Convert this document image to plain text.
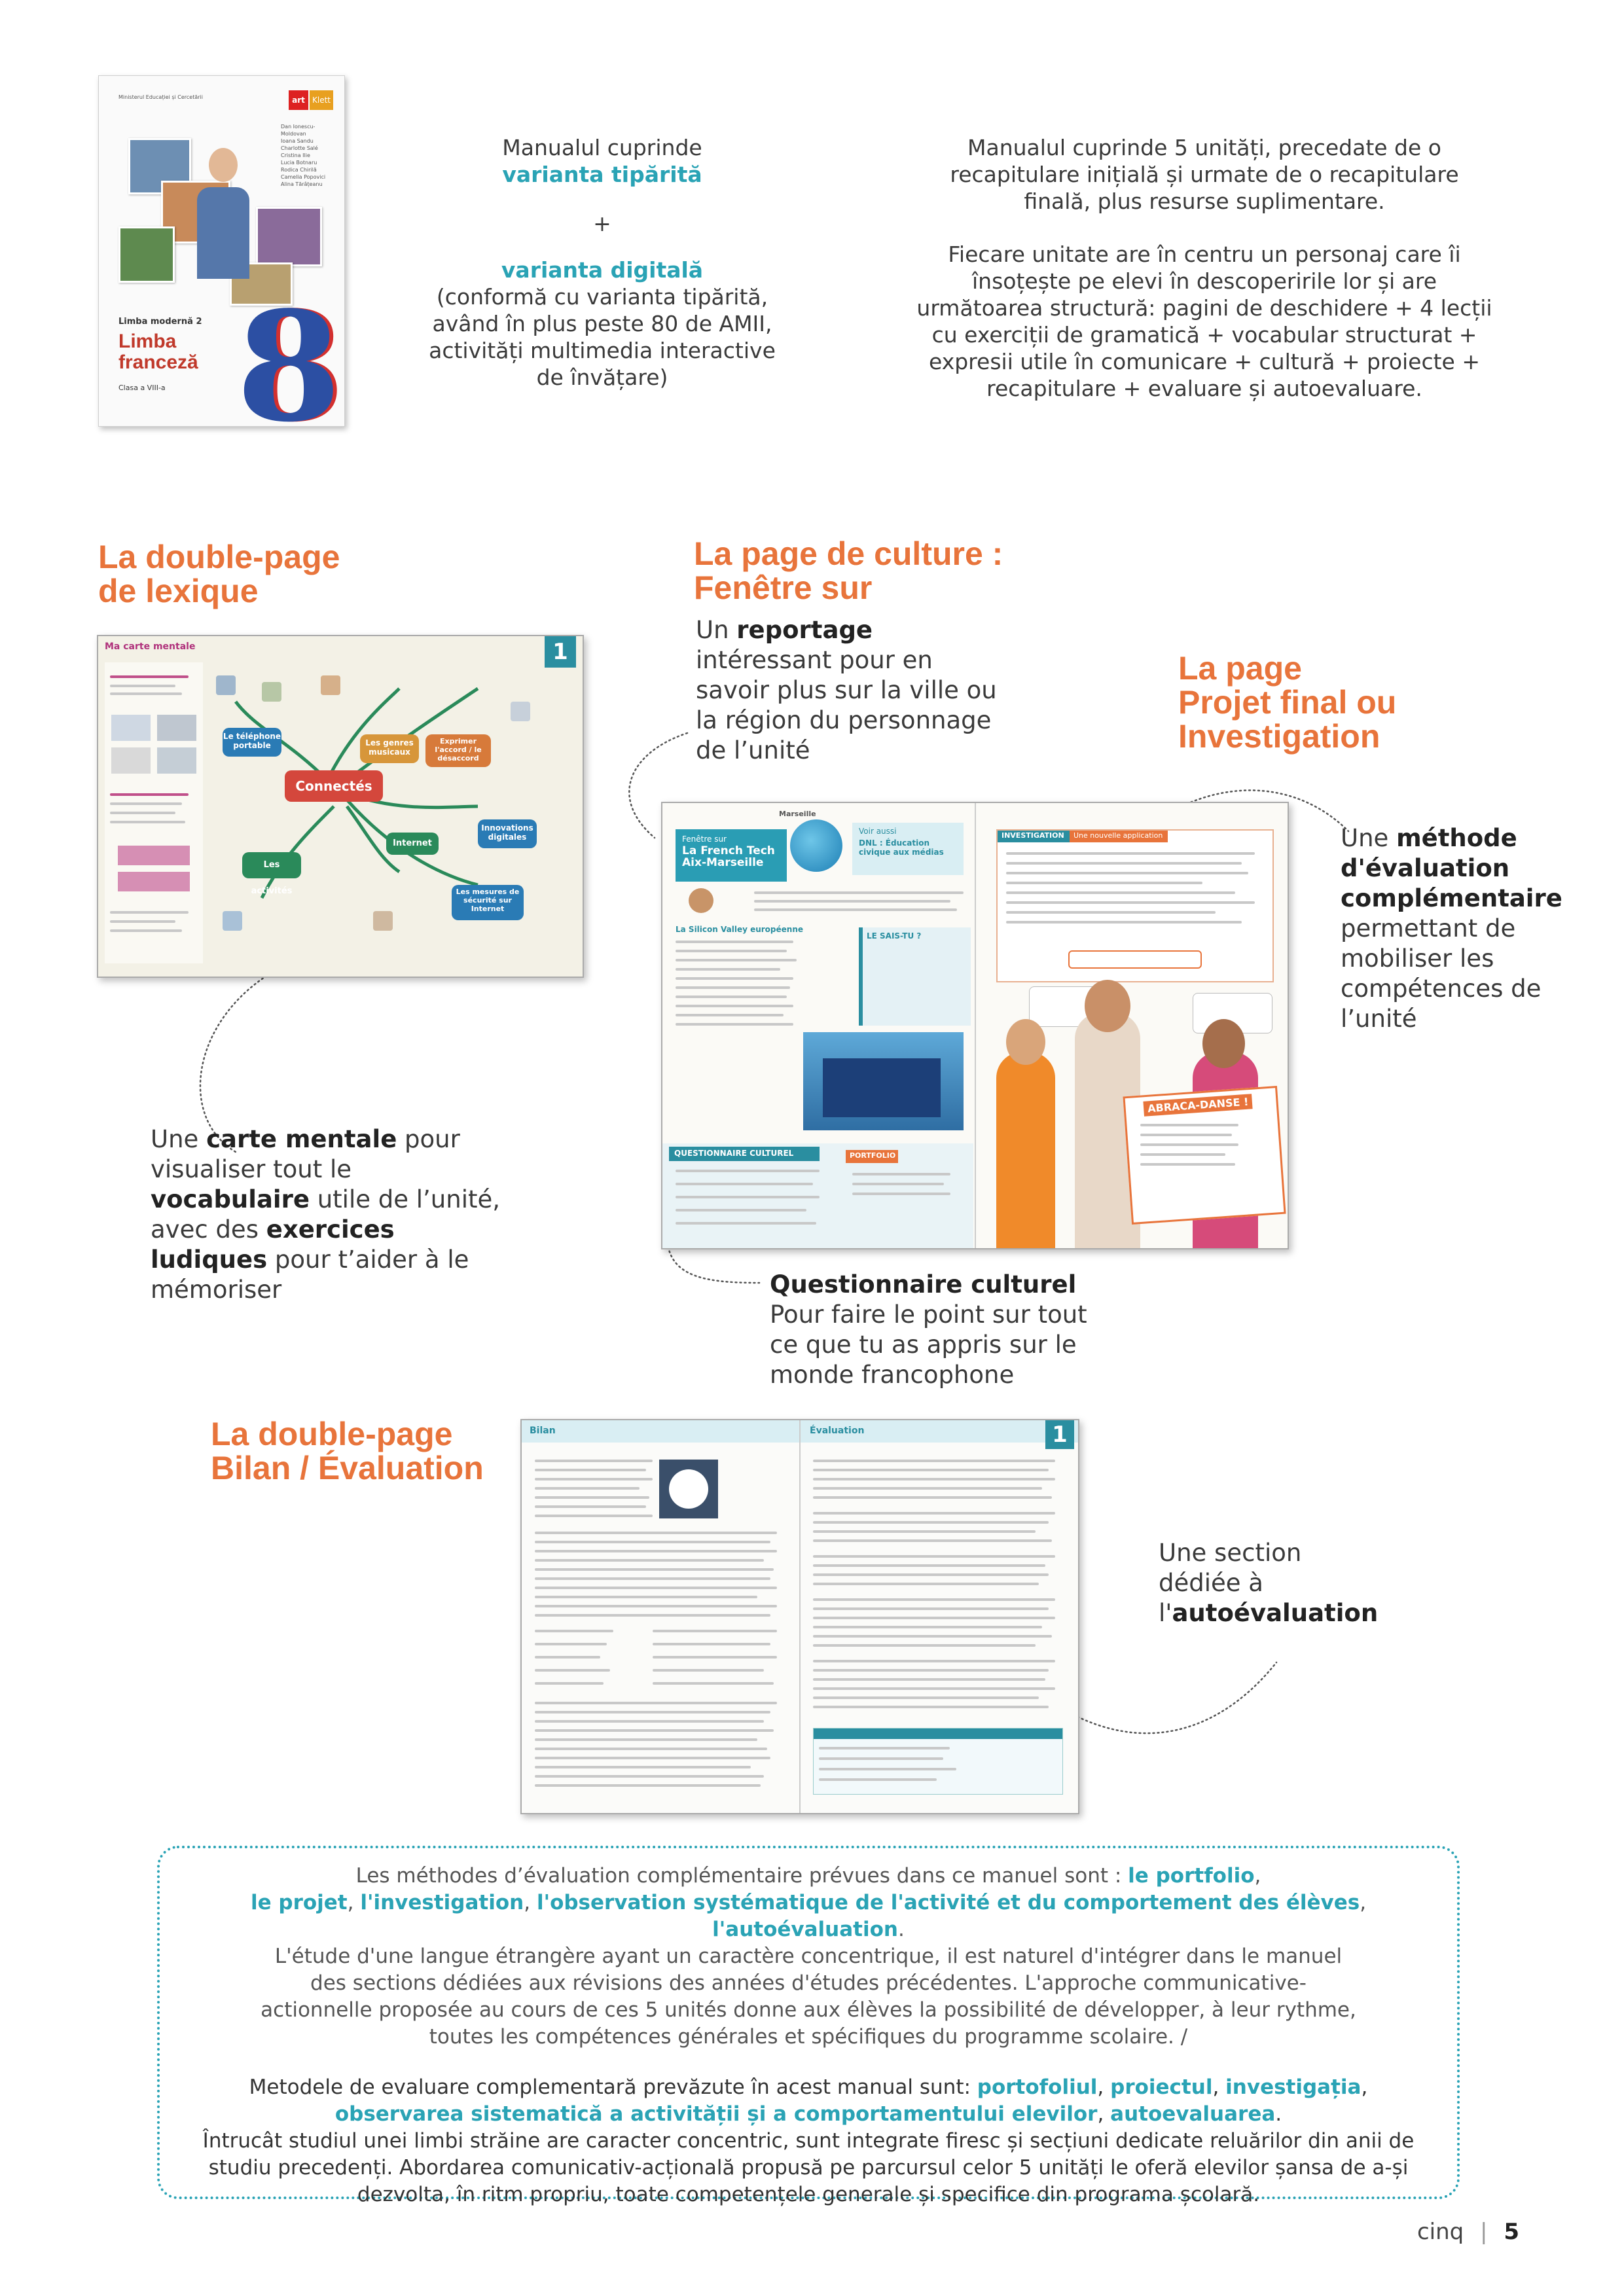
Ministerul Educației și Cercetării	art Klett
Dan Ionescu-Moldovan
Ioana Sandu
Charlotte Salé
Cristina Ilie
Lucia Botnaru
Rodica Chirilă
Camelia Popovici
Alina Tărâțeanu
Limba modernă 2
Limba franceză
Clasa a VIII-a 8
Manualul cuprinde
varianta tipărită
+
varianta digitală
(conformă cu varianta tipărită, având în plus peste 80 de AMII, activități multimedia interactive de învățare)
Manualul cuprinde 5 unități, precedate de o recapitulare inițială și urmate de o recapitulare finală, plus resurse suplimentare.
Fiecare unitate are în centru un personaj care îi însoțește pe elevi în descoperirile lor și are următoarea structură: pagini de deschidere + 4 lecții cu exerciții de gramatică + vocabular structurat + expresii utile în comunicare + cultură + proiecte + recapitulare + evaluare și autoevaluare.
La double-page
de lexique
Ma carte mentale	1
Connectés
Le téléphone portable	Les genres musicaux
Exprimer l'accord / le désaccord
Les activités
Internet
Innovations digitales
Les mesures de sécurité sur Internet
Une carte mentale pour visualiser tout le vocabulaire utile de l’unité, avec des exercices ludiques pour t’aider à le mémoriser
La page de culture :
Fenêtre sur
Un reportage intéressant pour en savoir plus sur la ville ou la région du personnage de l’unité
La page
Projet final ou
Investigation
Fenêtre sur
La French Tech Aix-Marseille
Marseille
Voir aussi
DNL : Éducation civique aux médias
La Silicon Valley européenne
LE SAIS-TU ?
QUESTIONNAIRE CULTUREL	PORTFOLIO
INVESTIGATION Une nouvelle application
ABRACA-DANSE !
Une méthode d'évaluation complémentaire permettant de mobiliser les compétences de l’unité
Questionnaire culturel
Pour faire le point sur tout ce que tu as appris sur le monde francophone
La double-page
Bilan / Évaluation
Bilan	Évaluation	1
Une section dédiée à l'autoévaluation
Les méthodes d’évaluation complémentaire prévues dans ce manuel sont : le portfolio,
le projet, l'investigation, l'observation systématique de l'activité et du comportement des élèves, l'autoévaluation.
L'étude d'une langue étrangère ayant un caractère concentrique, il est naturel d'intégrer dans le manuel des sections dédiées aux révisions des années d'études précédentes. L'approche communicative-actionnelle proposée au cours de ces 5 unités donne aux élèves la possibilité de développer, à leur rythme, toutes les compétences générales et spécifiques du programme scolaire. /
Metodele de evaluare complementară prevăzute în acest manual sunt: portofoliul, proiectul, investigația,
observarea sistematică a activității și a comportamentului elevilor, autoevaluarea.
Întrucât studiul unei limbi străine are caracter concentric, sunt integrate firesc și secțiuni dedicate reluărilor din anii de studiu precedenți. Abordarea comunicativ-acțională propusă pe parcursul celor 5 unități le oferă elevilor șansa de a-și dezvolta, în ritm propriu, toate competențele generale și specifice din programa școlară.
cinq | 5
